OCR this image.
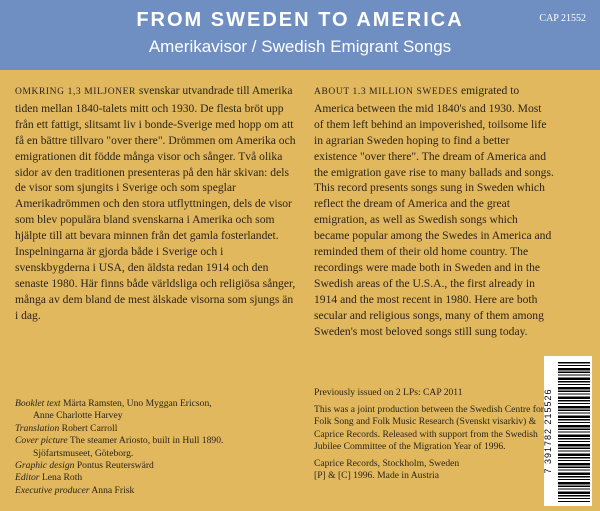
FROM SWEDEN TO AMERICA
Amerikavisor / Swedish Emigrant Songs
CAP 21552

OMKRING 1,3 MILJONER svenskar utvandrade till Amerika tiden mellan 1840-talets mitt och 1930. De flesta bröt upp från ett fattigt, slitsamt liv i bonde-Sverige med hopp om att få en bättre tillvaro "over there". Drömmen om Amerika och emigrationen dit födde många visor och sånger. Två olika sidor av den traditionen presenteras på den här skivan: dels de visor som sjungits i Sverige och som speglar Amerikadrömmen och den stora utflyttningen, dels de visor som blev populära bland svenskarna i Amerika och som hjälpte till att bevara minnen från det gamla fosterlandet. Inspelningarna är gjorda både i Sverige och i svenskbygderna i USA, den äldsta redan 1914 och den senaste 1980. Här finns både världsliga och religiösa sånger, många av dem bland de mest älskade visorna som sjungs än i dag.

ABOUT 1.3 MILLION SWEDES emigrated to America between the mid 1840's and 1930. Most of them left behind an impoverished, toilsome life in agrarian Sweden hoping to find a better existence "over there". The dream of America and the emigration gave rise to many ballads and songs. This record presents songs sung in Sweden which reflect the dream of America and the great emigration, as well as Swedish songs which became popular among the Swedes in America and reminded them of their old home country. The recordings were made both in Sweden and in the Swedish areas of the U.S.A., the first already in 1914 and the most recent in 1980. Here are both secular and religious songs, many of them among Sweden's most beloved songs still sung today.

Booklet text Märta Ramsten, Uno Myggan Ericson,
Anne Charlotte Harvey
Translation Robert Carroll
Cover picture The steamer Ariosto, built in Hull 1890.
Sjöfartsmuseet, Göteborg.
Graphic design Pontus Reuterswärd
Editor Lena Roth
Executive producer Anna Frisk

Previously issued on 2 LPs: CAP 2011

This was a joint production between the Swedish Centre for Folk Song and Folk Music Research (Svenskt visarkiv) & Caprice Records. Released with support from the Swedish Jubilee Committee of the Migration Year of 1996.

Caprice Records, Stockholm, Sweden

[P] & [C] 1996. Made in Austria

7 391782 215526
